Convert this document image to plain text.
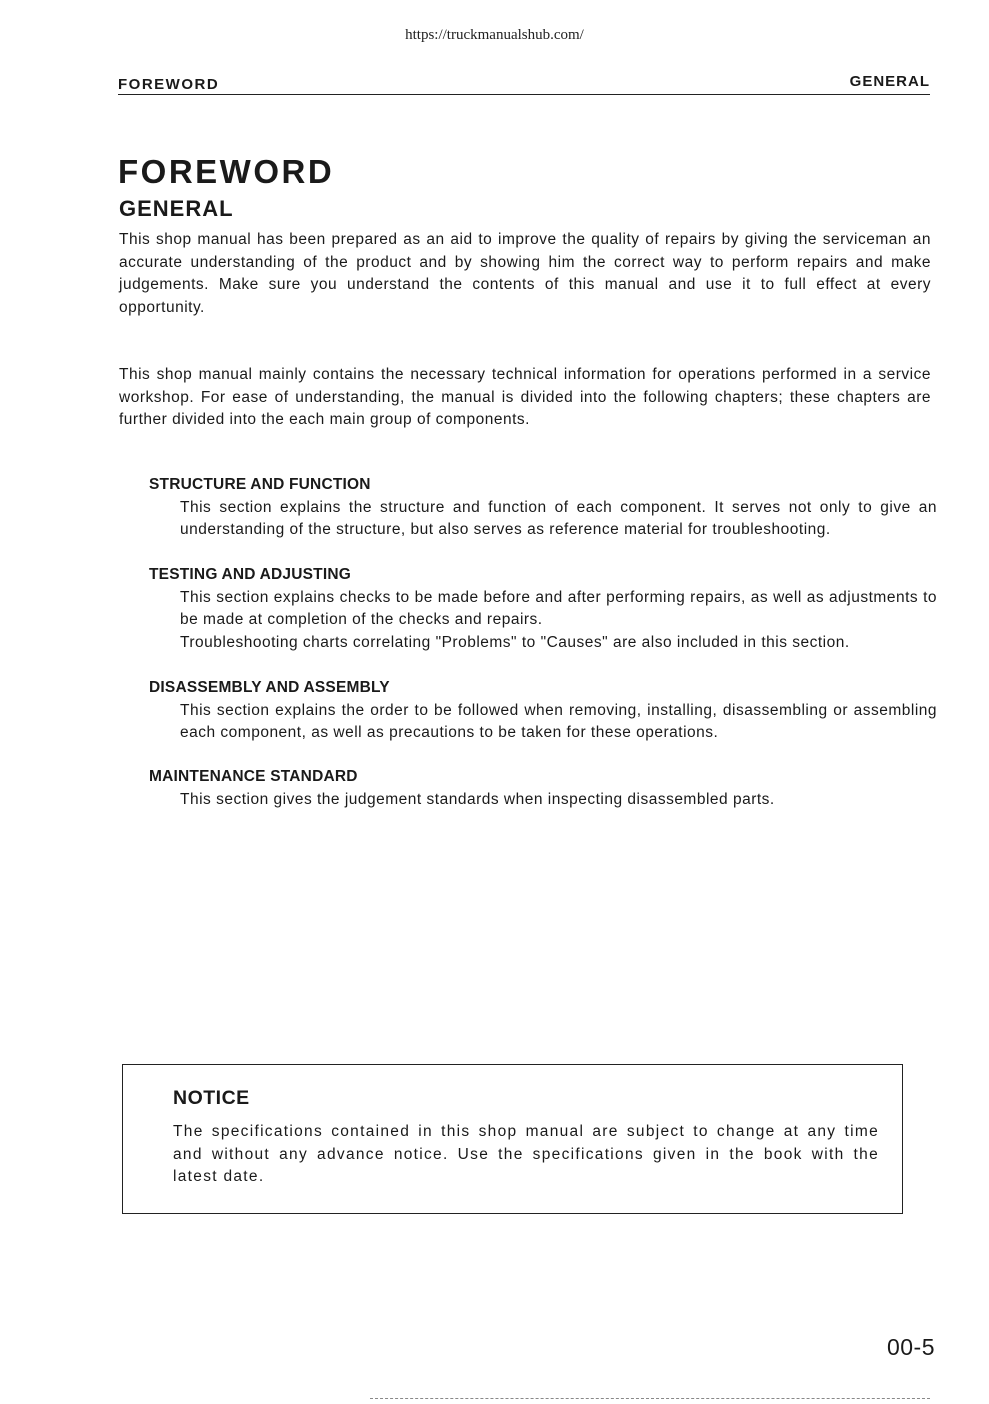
https://truckmanualshub.com/
FOREWORD	GENERAL
FOREWORD
GENERAL
This shop manual has been prepared as an aid to improve the quality of repairs by giving the serviceman an accurate understanding of the product and by showing him the correct way to perform repairs and make judgements. Make sure you understand the contents of this manual and use it to full effect at every opportunity.
This shop manual mainly contains the necessary technical information for operations performed in a service workshop. For ease of understanding, the manual is divided into the following chapters; these chapters are further divided into the each main group of components.

STRUCTURE AND FUNCTION

This section explains the structure and function of each component. It serves not only to give an understanding of the structure, but also serves as reference material for troubleshooting.

TESTING AND ADJUSTING

This section explains checks to be made before and after performing repairs, as well as adjustments to be made at completion of the checks and repairs.
Troubleshooting charts correlating "Problems" to "Causes" are also included in this section.

DISASSEMBLY AND ASSEMBLY

This section explains the order to be followed when removing, installing, disassembling or assembling each component, as well as precautions to be taken for these operations.

MAINTENANCE STANDARD

This section gives the judgement standards when inspecting disassembled parts.
NOTICE
The specifications contained in this shop manual are subject to change at any time and without any advance notice. Use the specifications given in the book with the latest date.
00-5
